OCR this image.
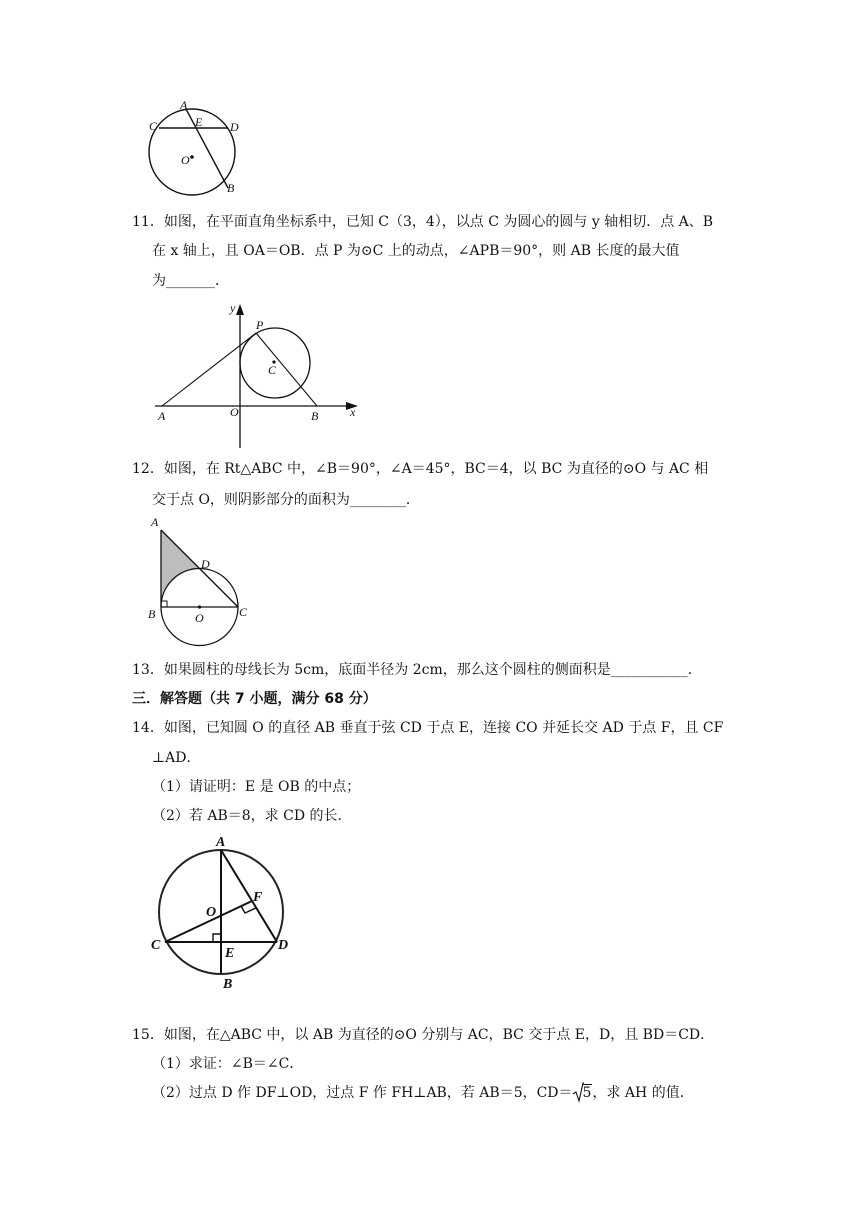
A
C	E D
O
B
11．如图，在平面直角坐标系中，已知 C（3，4），以点 C 为圆心的圆与 y 轴相切．点 A、B
在 x 轴上，且 OA＝OB．点 P 为⊙C 上的动点，∠APB＝90°，则 AB 长度的最大值
为_______．
y
x
P
C
A	O	B
12．如图，在 Rt△ABC 中，∠B＝90°，∠A＝45°，BC＝4，以 BC 为直径的⊙O 与 AC 相
交于点 O，则阴影部分的面积为________．
A
D
B	O	C
13．如果圆柱的母线长为 5cm，底面半径为 2cm，那么这个圆柱的侧面积是___________．
三．解答题（共 7 小题，满分 68 分）
14．如图，已知圆 O 的直径 AB 垂直于弦 CD 于点 E，连接 CO 并延长交 AD 于点 F，且 CF
⊥AD．
（1）请证明：E 是 OB 的中点；
（2）若 AB＝8，求 CD 的长．
A
F
O
C
E
D
B
15．如图，在△ABC 中，以 AB 为直径的⊙O 分别与 AC，BC 交于点 E，D，且 BD＝CD．
（1）求证：∠B＝∠C．
（2）过点 D 作 DF⊥OD，过点 F 作 FH⊥AB，若 AB＝5，CD＝ 5，求 AH 的值．
